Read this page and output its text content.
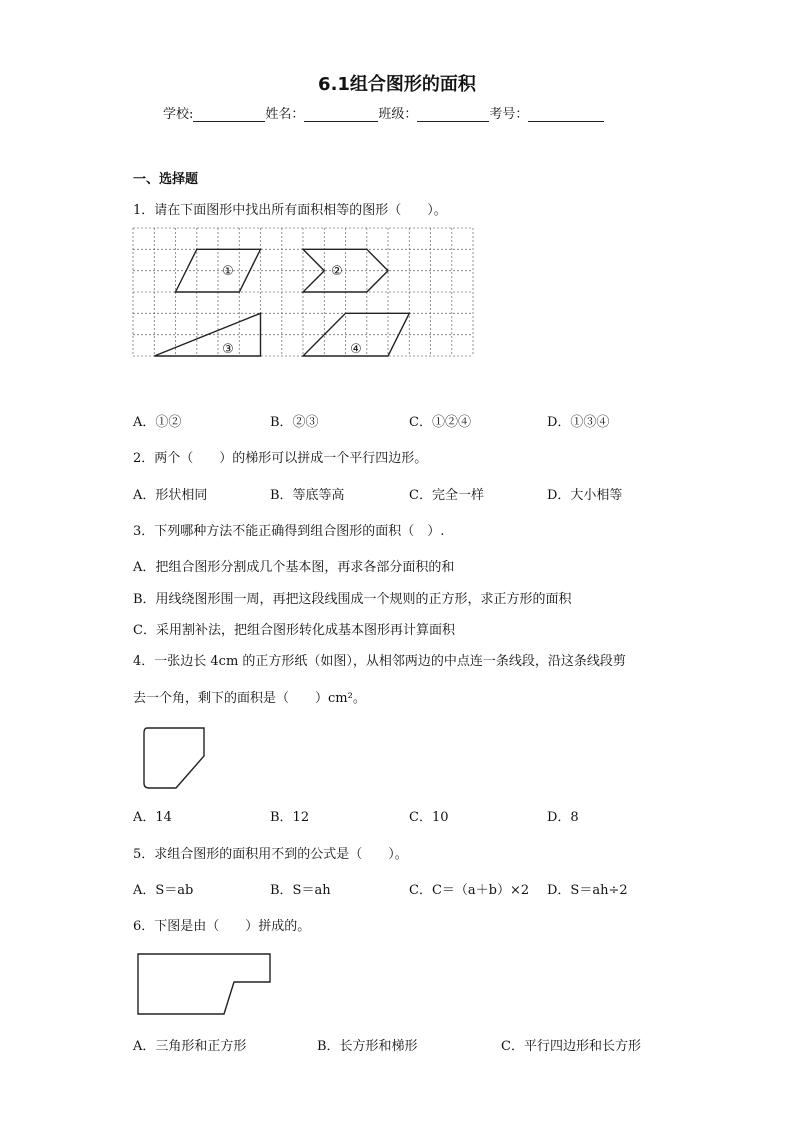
6.1组合图形的面积
学校:	姓名：	班级：	考号：
一、选择题
1．请在下面图形中找出所有面积相等的图形（　　）。
①	②
③	④
A．①②	B．②③	C．①②④	D．①③④
2．两个（　　）的梯形可以拼成一个平行四边形。
A．形状相同	B．等底等高	C．完全一样	D．大小相等
3．下列哪种方法不能正确得到组合图形的面积（　）.
A．把组合图形分割成几个基本图，再求各部分面积的和
B．用线绕图形围一周，再把这段线围成一个规则的正方形，求正方形的面积
C．采用割补法，把组合图形转化成基本图形再计算面积
4．一张边长 4cm 的正方形纸（如图），从相邻两边的中点连一条线段，沿这条线段剪
去一个角，剩下的面积是（　　）cm²。
A．14	B．12	C．10	D．8
5．求组合图形的面积用不到的公式是（　　）。
A．S＝ab	B．S＝ah	C．C＝（a＋b）×2 D．S＝ah÷2
6．下图是由（　　）拼成的。
A．三角形和正方形	B．长方形和梯形	C．平行四边形和长方形
